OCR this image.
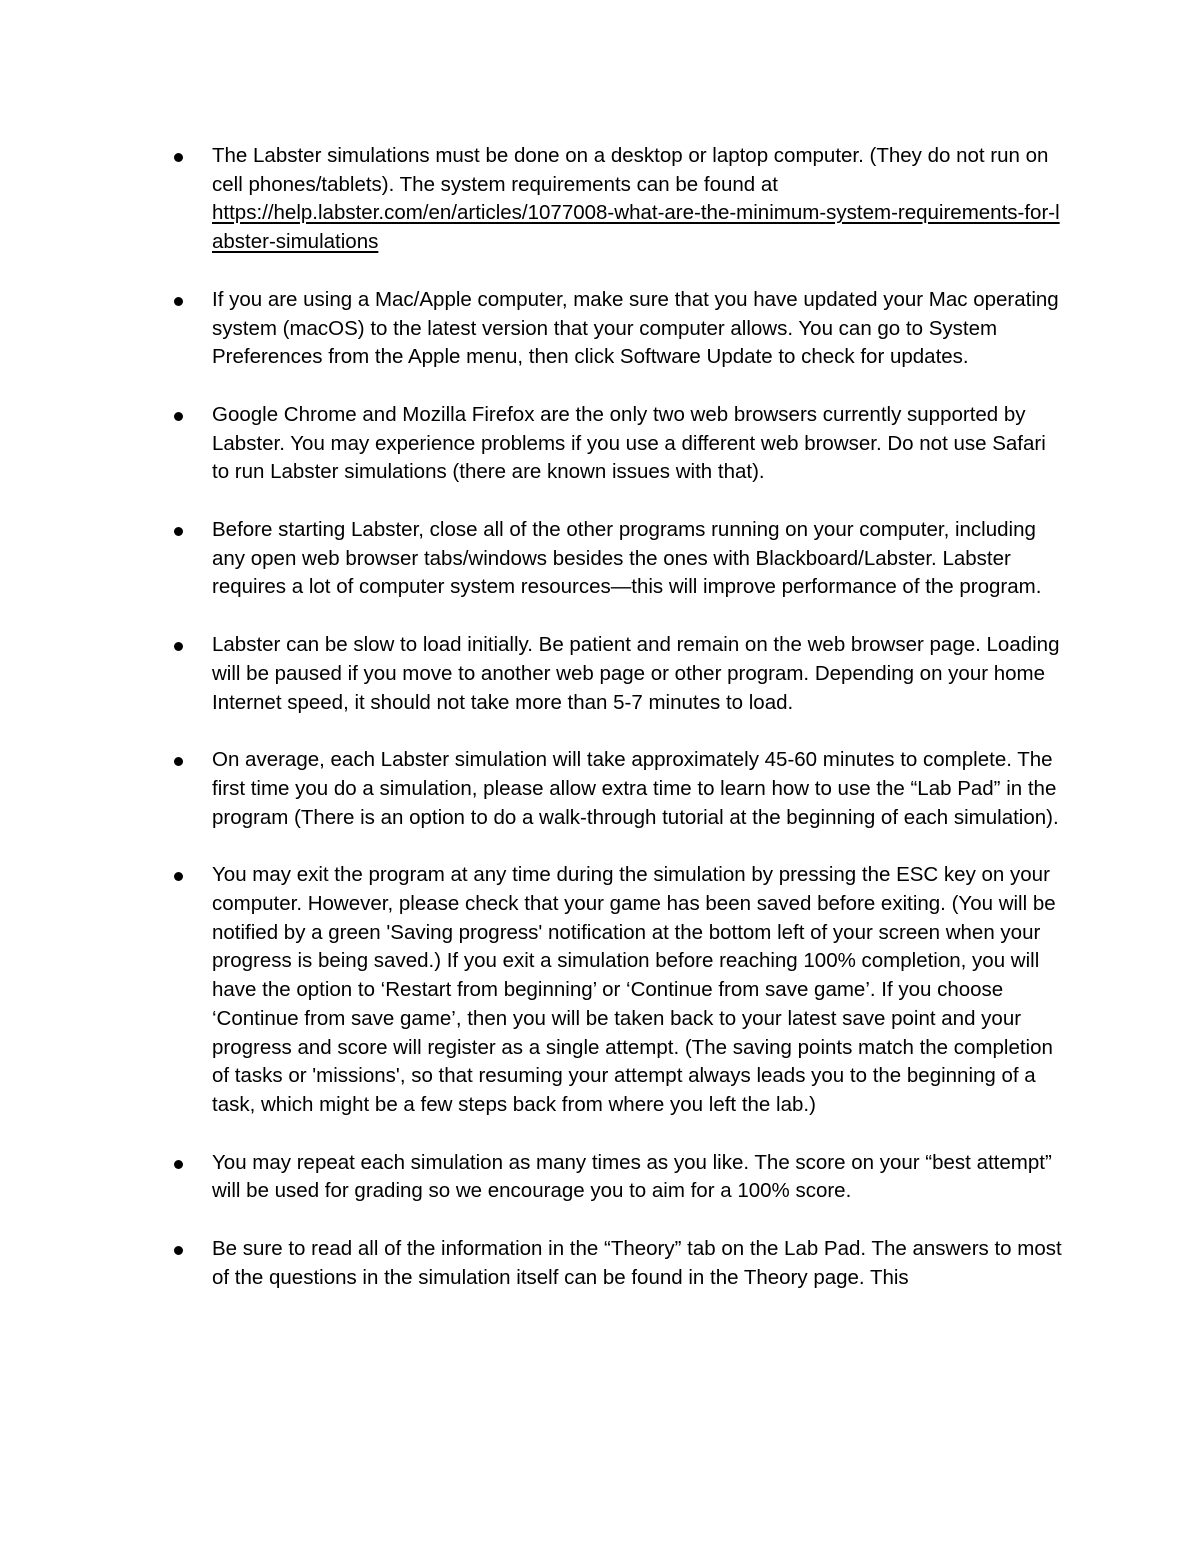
The Labster simulations must be done on a desktop or laptop computer. (They do not run on cell phones/tablets). The system requirements can be found at
https://help.labster.com/en/articles/1077008-what-are-the-minimum-system-requirements-for-labster-simulations
If you are using a Mac/Apple computer, make sure that you have updated your Mac operating system (macOS) to the latest version that your computer allows. You can go to System Preferences from the Apple menu, then click Software Update to check for updates.
Google Chrome and Mozilla Firefox are the only two web browsers currently supported by Labster. You may experience problems if you use a different web browser. Do not use Safari to run Labster simulations (there are known issues with that).
Before starting Labster, close all of the other programs running on your computer, including any open web browser tabs/windows besides the ones with Blackboard/Labster. Labster requires a lot of computer system resources—this will improve performance of the program.
Labster can be slow to load initially. Be patient and remain on the web browser page. Loading will be paused if you move to another web page or other program. Depending on your home Internet speed, it should not take more than 5-7 minutes to load.
On average, each Labster simulation will take approximately 45-60 minutes to complete. The first time you do a simulation, please allow extra time to learn how to use the “Lab Pad” in the program (There is an option to do a walk-through tutorial at the beginning of each simulation).
You may exit the program at any time during the simulation by pressing the ESC key on your computer. However, please check that your game has been saved before exiting. (You will be notified by a green 'Saving progress' notification at the bottom left of your screen when your progress is being saved.) If you exit a simulation before reaching 100% completion, you will have the option to ‘Restart from beginning’ or ‘Continue from save game’. If you choose ‘Continue from save game’, then you will be taken back to your latest save point and your progress and score will register as a single attempt. (The saving points match the completion of tasks or 'missions', so that resuming your attempt always leads you to the beginning of a task, which might be a few steps back from where you left the lab.)
You may repeat each simulation as many times as you like. The score on your “best attempt” will be used for grading so we encourage you to aim for a 100% score.
Be sure to read all of the information in the “Theory” tab on the Lab Pad. The answers to most of the questions in the simulation itself can be found in the Theory page. This
